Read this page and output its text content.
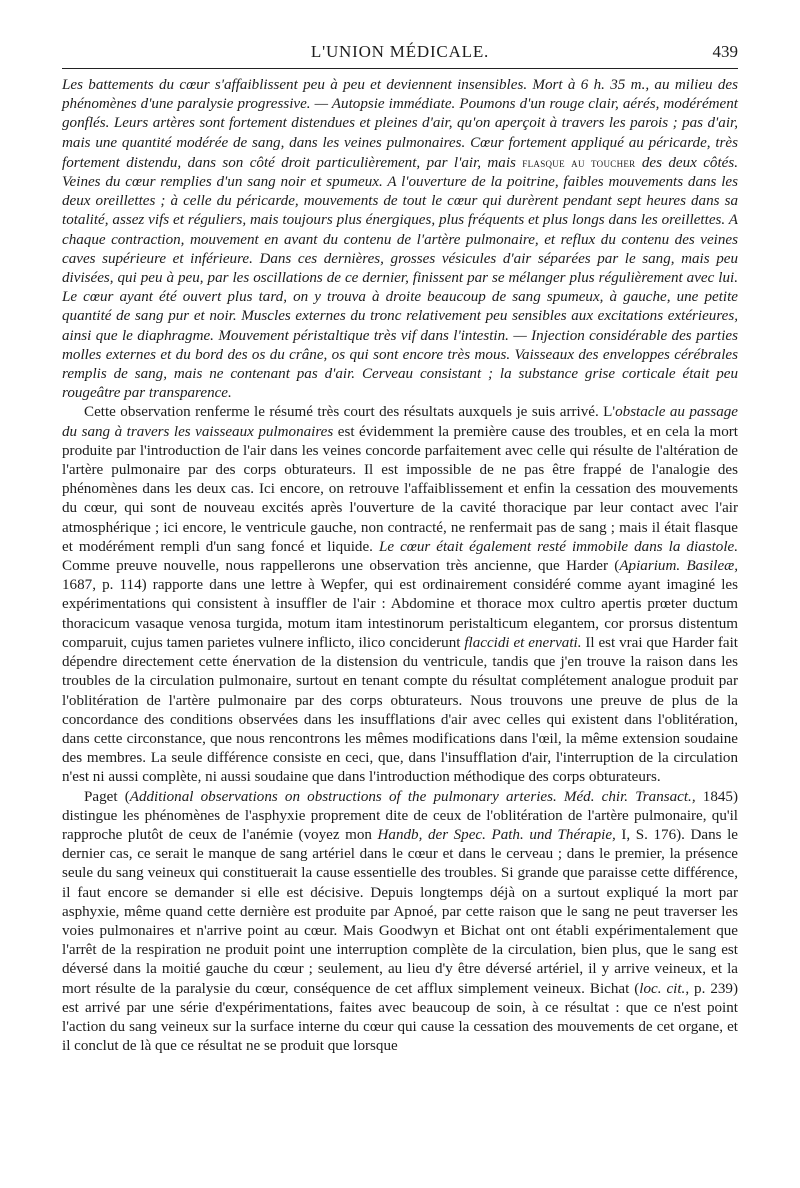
L'UNION MÉDICALE.	439

Les battements du cœur s'affaiblissent peu à peu et deviennent insensibles. Mort à 6 h. 35 m., au milieu des phénomènes d'une paralysie progressive. — Autopsie immédiate. Poumons d'un rouge clair, aérés, modérément gonflés. Leurs artères sont fortement distendues et pleines d'air, qu'on aperçoit à travers les parois ; pas d'air, mais une quantité modérée de sang, dans les veines pulmonaires. Cœur fortement appliqué au péricarde, très fortement distendu, dans son côté droit particulièrement, par l'air, mais flasque au toucher des deux côtés. Veines du cœur remplies d'un sang noir et spumeux. A l'ouverture de la poitrine, faibles mouvements dans les deux oreillettes ; à celle du péricarde, mouvements de tout le cœur qui durèrent pendant sept heures dans sa totalité, assez vifs et réguliers, mais toujours plus énergiques, plus fréquents et plus longs dans les oreillettes. A chaque contraction, mouvement en avant du contenu de l'artère pulmonaire, et reflux du contenu des veines caves supérieure et inférieure. Dans ces dernières, grosses vésicules d'air séparées par le sang, mais peu divisées, qui peu à peu, par les oscillations de ce dernier, finissent par se mélanger plus régulièrement avec lui. Le cœur ayant été ouvert plus tard, on y trouva à droite beaucoup de sang spumeux, à gauche, une petite quantité de sang pur et noir. Muscles externes du tronc relativement peu sensibles aux excitations extérieures, ainsi que le diaphragme. Mouvement péristaltique très vif dans l'intestin. — Injection considérable des parties molles externes et du bord des os du crâne, os qui sont encore très mous. Vaisseaux des enveloppes cérébrales remplis de sang, mais ne contenant pas d'air. Cerveau consistant ; la substance grise corticale était peu rougeâtre par transparence.

Cette observation renferme le résumé très court des résultats auxquels je suis arrivé. L'obstacle au passage du sang à travers les vaisseaux pulmonaires est évidemment la première cause des troubles, et en cela la mort produite par l'introduction de l'air dans les veines concorde parfaitement avec celle qui résulte de l'altération de l'artère pulmonaire par des corps obturateurs. Il est impossible de ne pas être frappé de l'analogie des phénomènes dans les deux cas. Ici encore, on retrouve l'affaiblissement et enfin la cessation des mouvements du cœur, qui sont de nouveau excités après l'ouverture de la cavité thoracique par leur contact avec l'air atmosphérique ; ici encore, le ventricule gauche, non contracté, ne renfermait pas de sang ; mais il était flasque et modérément rempli d'un sang foncé et liquide. Le cœur était également resté immobile dans la diastole. Comme preuve nouvelle, nous rappellerons une observation très ancienne, que Harder (Apiarium. Basileæ, 1687, p. 114) rapporte dans une lettre à Wepfer, qui est ordinairement considéré comme ayant imaginé les expérimentations qui consistent à insuffler de l'air : Abdomine et thorace mox cultro apertis prœter ductum thoracicum vasaque venosa turgida, motum itam intestinorum peristalticum elegantem, cor prorsus distentum comparuit, cujus tamen parietes vulnere inflicto, ilico conciderunt flaccidi et enervati. Il est vrai que Harder fait dépendre directement cette énervation de la distension du ventricule, tandis que j'en trouve la raison dans les troubles de la circulation pulmonaire, surtout en tenant compte du résultat complétement analogue produit par l'oblitération de l'artère pulmonaire par des corps obturateurs. Nous trouvons une preuve de plus de la concordance des conditions observées dans les insufflations d'air avec celles qui existent dans l'oblitération, dans cette circonstance, que nous rencontrons les mêmes modifications dans l'œil, la même extension soudaine des membres. La seule différence consiste en ceci, que, dans l'insufflation d'air, l'interruption de la circulation n'est ni aussi complète, ni aussi soudaine que dans l'introduction méthodique des corps obturateurs.

Paget (Additional observations on obstructions of the pulmonary arteries. Méd. chir. Transact., 1845) distingue les phénomènes de l'asphyxie proprement dite de ceux de l'oblitération de l'artère pulmonaire, qu'il rapproche plutôt de ceux de l'anémie (voyez mon Handb, der Spec. Path. und Thérapie, I, S. 176). Dans le dernier cas, ce serait le manque de sang artériel dans le cœur et dans le cerveau ; dans le premier, la présence seule du sang veineux qui constituerait la cause essentielle des troubles. Si grande que paraisse cette différence, il faut encore se demander si elle est décisive. Depuis longtemps déjà on a surtout expliqué la mort par asphyxie, même quand cette dernière est produite par Apnoé, par cette raison que le sang ne peut traverser les voies pulmonaires et n'arrive point au cœur. Mais Goodwyn et Bichat ont ont établi expérimentalement que l'arrêt de la respiration ne produit point une interruption complète de la circulation, bien plus, que le sang est déversé dans la moitié gauche du cœur ; seulement, au lieu d'y être déversé artériel, il y arrive veineux, et la mort résulte de la paralysie du cœur, conséquence de cet afflux simplement veineux. Bichat (loc. cit., p. 239) est arrivé par une série d'expérimentations, faites avec beaucoup de soin, à ce résultat : que ce n'est point l'action du sang veineux sur la surface interne du cœur qui cause la cessation des mouvements de cet organe, et il conclut de là que ce résultat ne se produit que lorsque
